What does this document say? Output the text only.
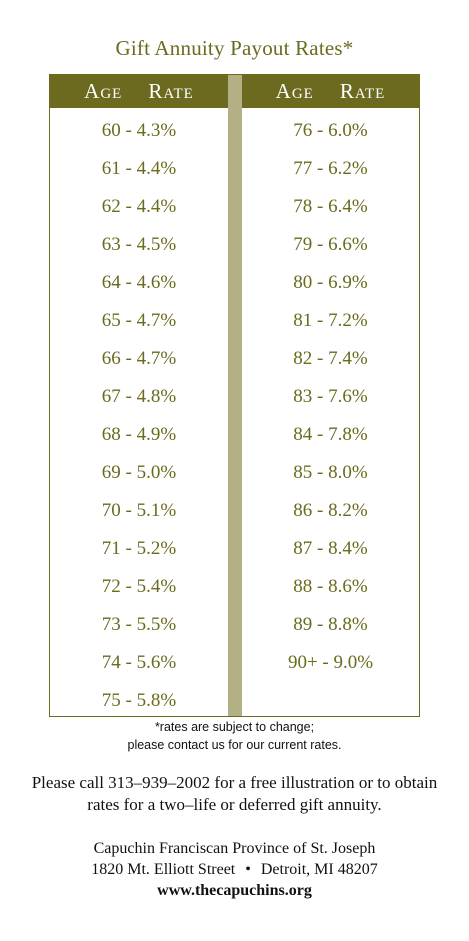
Gift Annuity Payout Rates*
Age Rate
60 - 4.3%
61 - 4.4%
62 - 4.4%
63 - 4.5%
64 - 4.6%
65 - 4.7%
66 - 4.7%
67 - 4.8%
68 - 4.9%
69 - 5.0%
70 - 5.1%
71 - 5.2%
72 - 5.4%
73 - 5.5%
74 - 5.6%
75 - 5.8%
Age Rate
76 - 6.0%
77 - 6.2%
78 - 6.4%
79 - 6.6%
80 - 6.9%
81 - 7.2%
82 - 7.4%
83 - 7.6%
84 - 7.8%
85 - 8.0%
86 - 8.2%
87 - 8.4%
88 - 8.6%
89 - 8.8%
90+ - 9.0%
*rates are subject to change;
please contact us for our current rates.
Please call 313–939–2002 for a free illustration or to obtain
rates for a two–life or deferred gift annuity.
Capuchin Franciscan Province of St. Joseph
1820 Mt. Elliott Street • Detroit, MI 48207
www.thecapuchins.org
